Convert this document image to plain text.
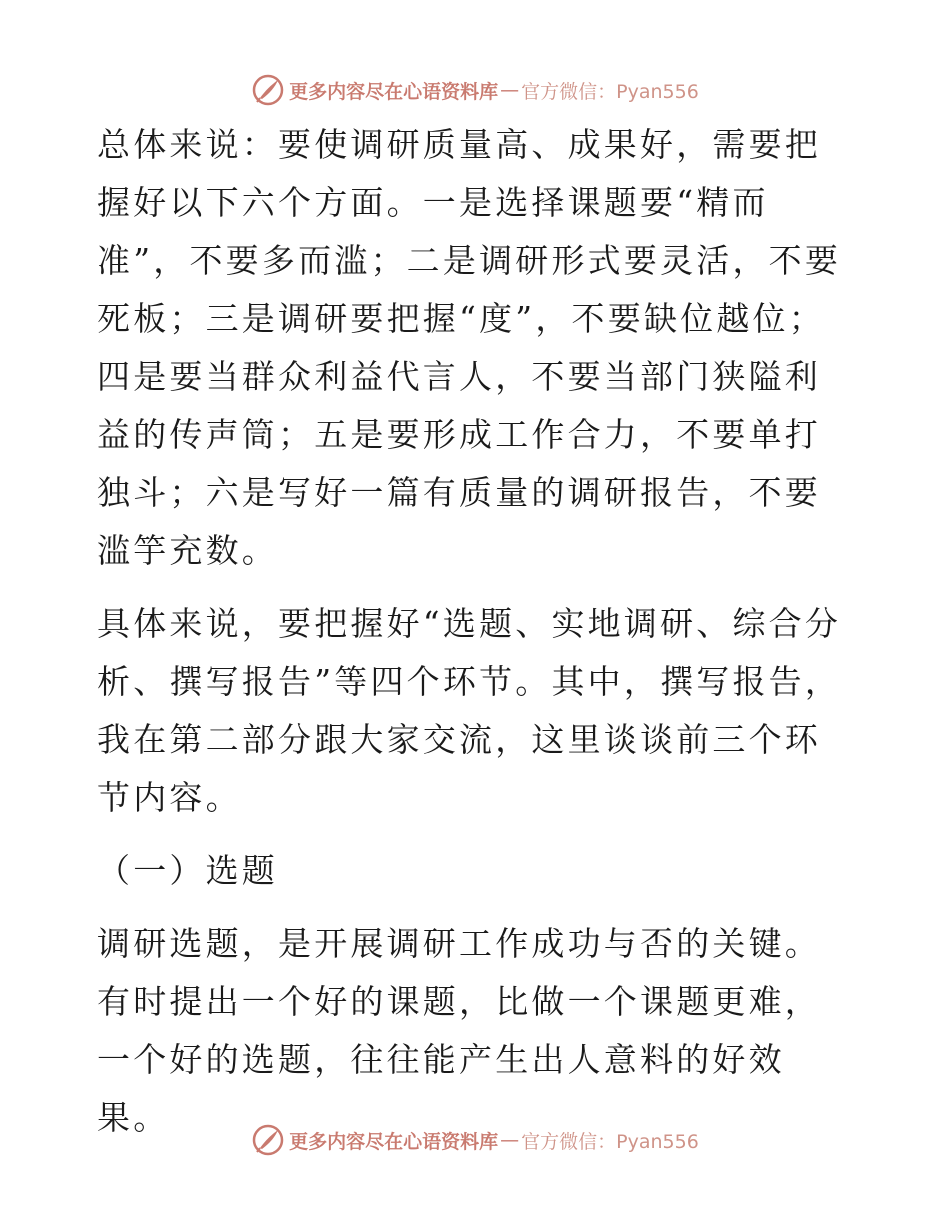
更多内容尽在心语资料库 — 官方微信：Pyan556

总体来说：要使调研质量高、成果好，需要把握好以下六个方面。一是选择课题要“精而准”，不要多而滥；二是调研形式要灵活，不要死板；三是调研要把握“度”，不要缺位越位；四是要当群众利益代言人，不要当部门狭隘利益的传声筒；五是要形成工作合力，不要单打独斗；六是写好一篇有质量的调研报告，不要滥竽充数。

具体来说，要把握好“选题、实地调研、综合分析、撰写报告”等四个环节。其中，撰写报告，我在第二部分跟大家交流，这里谈谈前三个环节内容。

（一）选题

调研选题，是开展调研工作成功与否的关键。有时提出一个好的课题，比做一个课题更难，一个好的选题，往往能产生出人意料的好效果。

更多内容尽在心语资料库 — 官方微信：Pyan556
